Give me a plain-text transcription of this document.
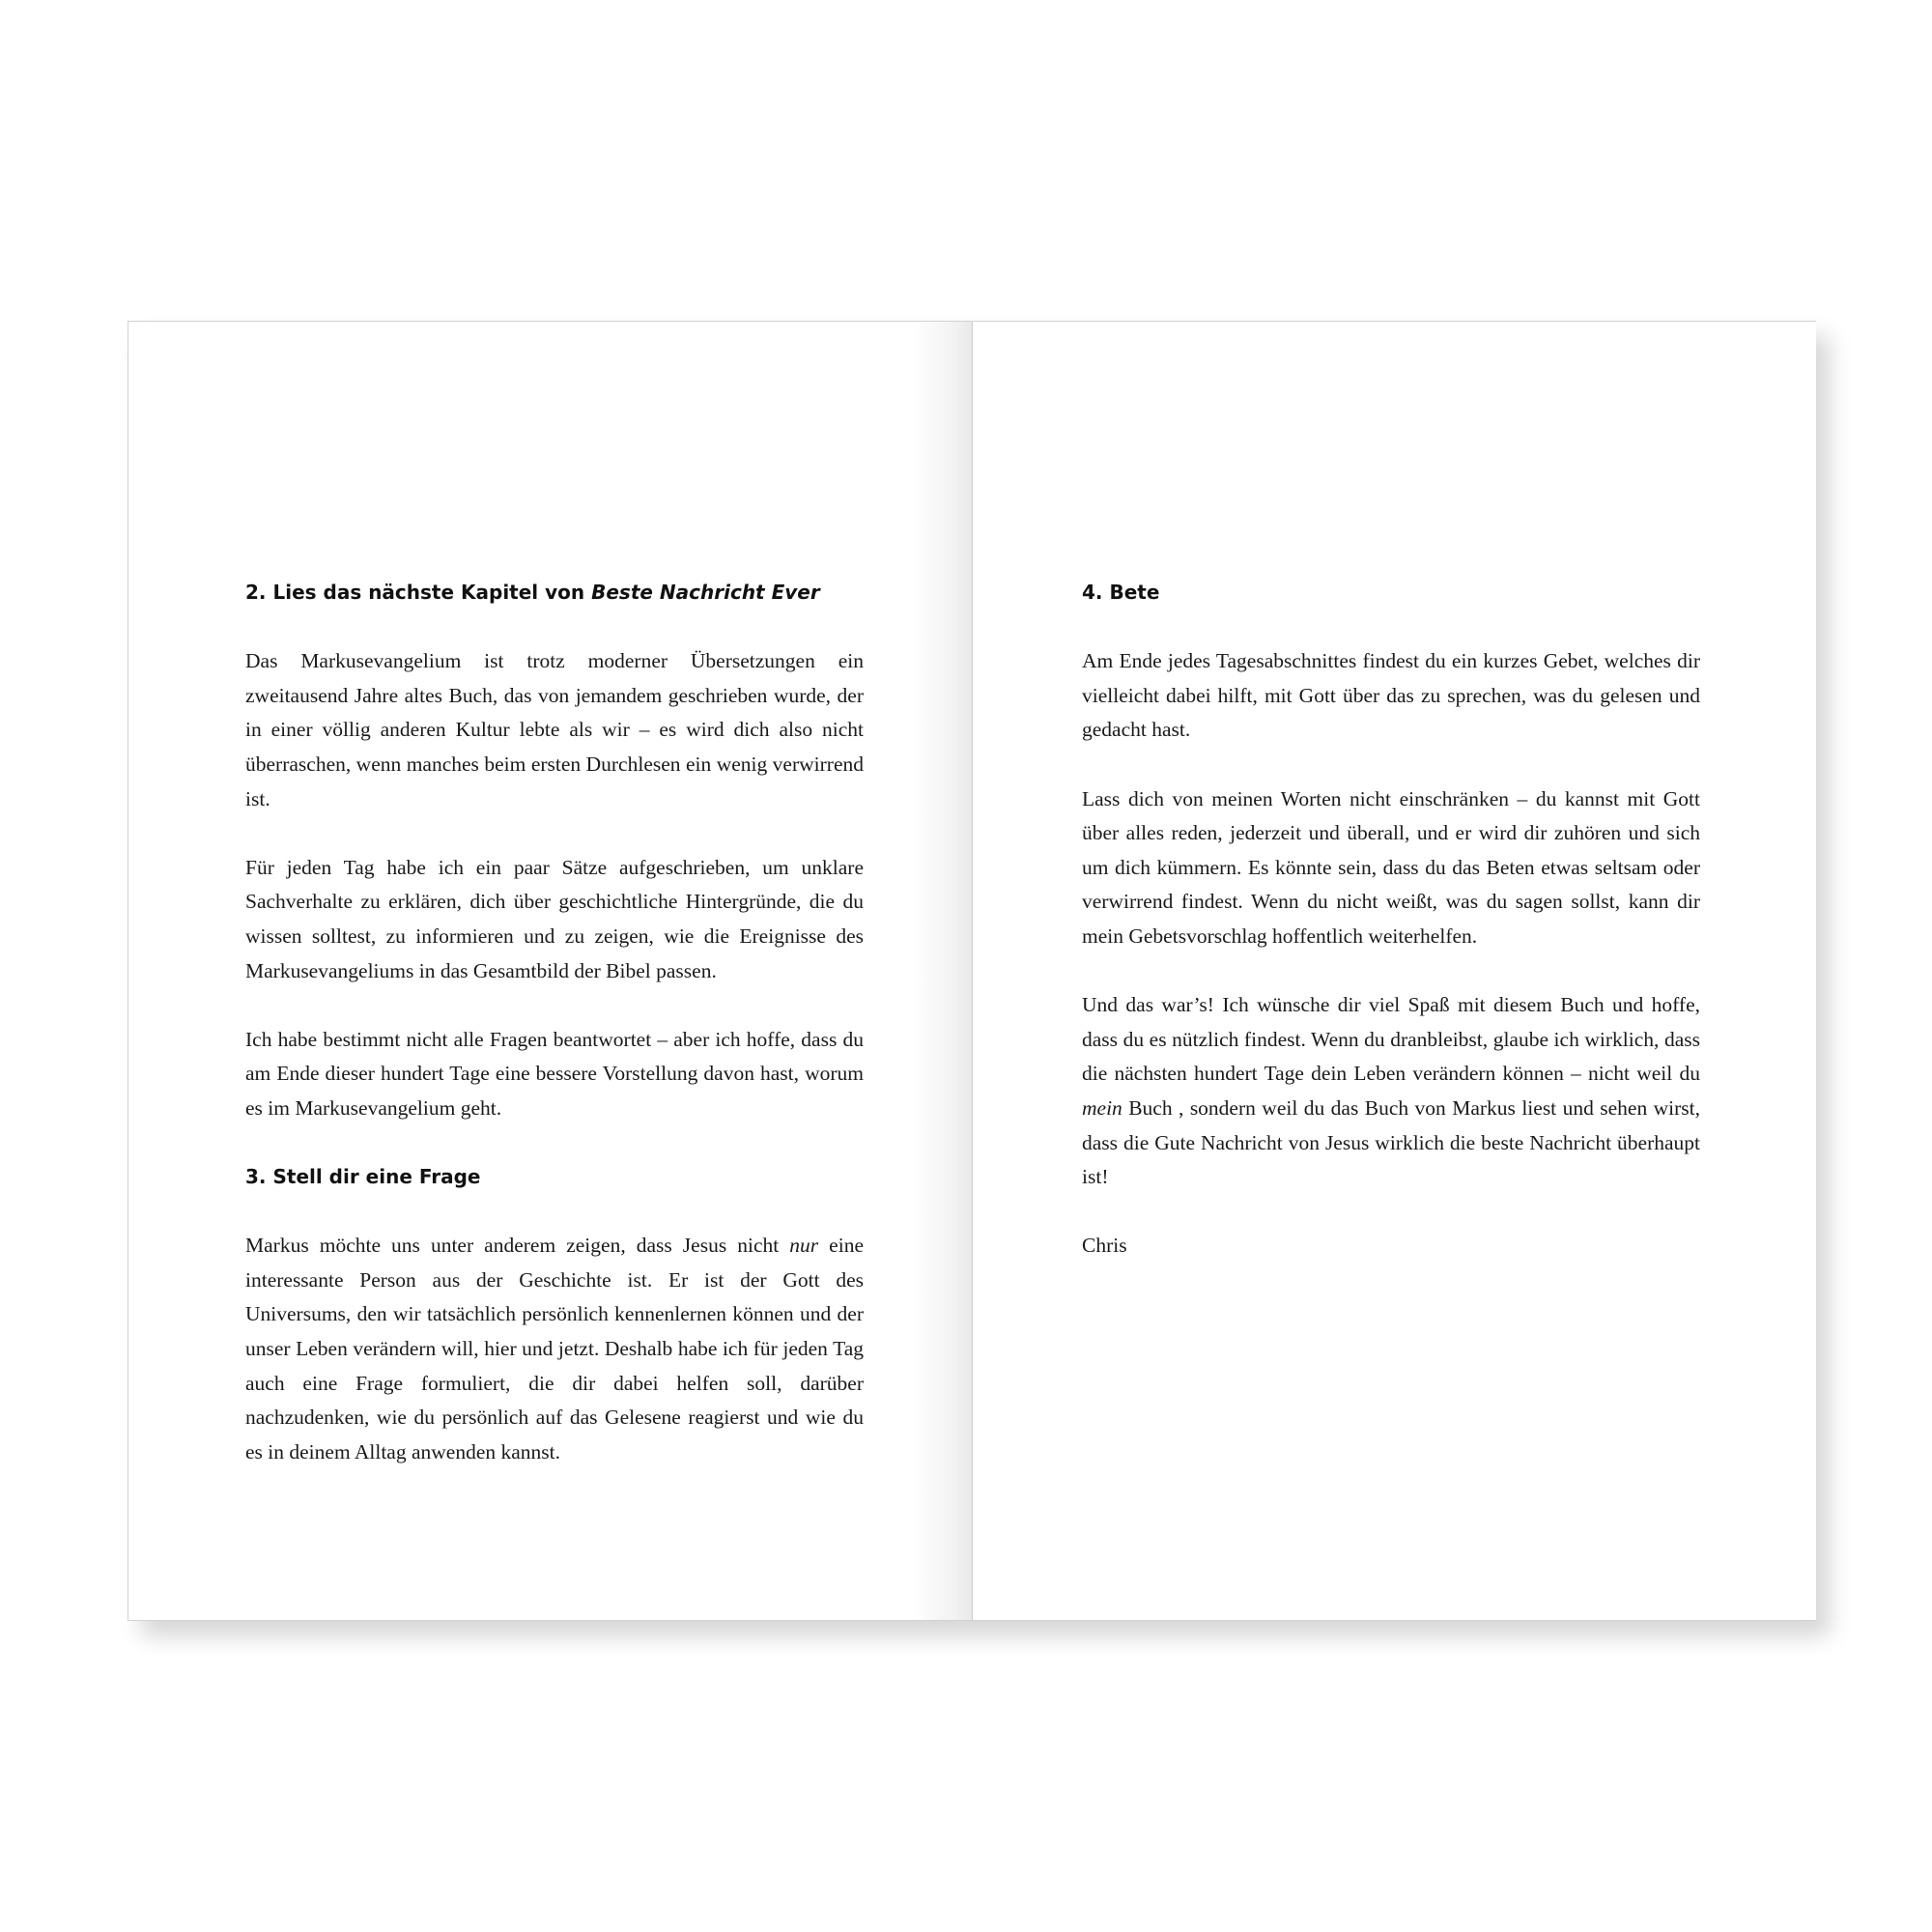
2. Lies das nächste Kapitel von Beste Nachricht Ever

Das Markusevangelium ist trotz moderner Übersetzungen ein zweitausend Jahre altes Buch, das von jemandem geschrieben wurde, der in einer völlig anderen Kultur lebte als wir – es wird dich also nicht überraschen, wenn manches beim ersten Durchlesen ein wenig verwirrend ist.

Für jeden Tag habe ich ein paar Sätze aufgeschrieben, um unklare Sachverhalte zu erklären, dich über geschichtliche Hintergründe, die du wissen solltest, zu informieren und zu zeigen, wie die Ereignisse des Markusevangeliums in das Gesamtbild der Bibel passen.

Ich habe bestimmt nicht alle Fragen beantwortet – aber ich hoffe, dass du am Ende dieser hundert Tage eine bessere Vorstellung davon hast, worum es im Markusevangelium geht.

3. Stell dir eine Frage

Markus möchte uns unter anderem zeigen, dass Jesus nicht nur eine interessante Person aus der Geschichte ist. Er ist der Gott des Universums, den wir tatsächlich persönlich kennenlernen können und der unser Leben verändern will, hier und jetzt. Deshalb habe ich für jeden Tag auch eine Frage formuliert, die dir dabei helfen soll, darüber nachzudenken, wie du persönlich auf das Gelesene reagierst und wie du es in deinem Alltag anwenden kannst.

4. Bete

Am Ende jedes Tagesabschnittes findest du ein kurzes Gebet, welches dir vielleicht dabei hilft, mit Gott über das zu sprechen, was du gelesen und gedacht hast.

Lass dich von meinen Worten nicht einschränken – du kannst mit Gott über alles reden, jederzeit und überall, und er wird dir zuhören und sich um dich kümmern. Es könnte sein, dass du das Beten etwas seltsam oder verwirrend findest. Wenn du nicht weißt, was du sagen sollst, kann dir mein Gebetsvorschlag hoffentlich weiterhelfen.

Und das war’s! Ich wünsche dir viel Spaß mit diesem Buch und hoffe, dass du es nützlich findest. Wenn du dranbleibst, glaube ich wirklich, dass die nächsten hundert Tage dein Leben verändern können – nicht weil du mein Buch , sondern weil du das Buch von Markus liest und sehen wirst, dass die Gute Nachricht von Jesus wirklich die beste Nachricht überhaupt ist!

Chris
